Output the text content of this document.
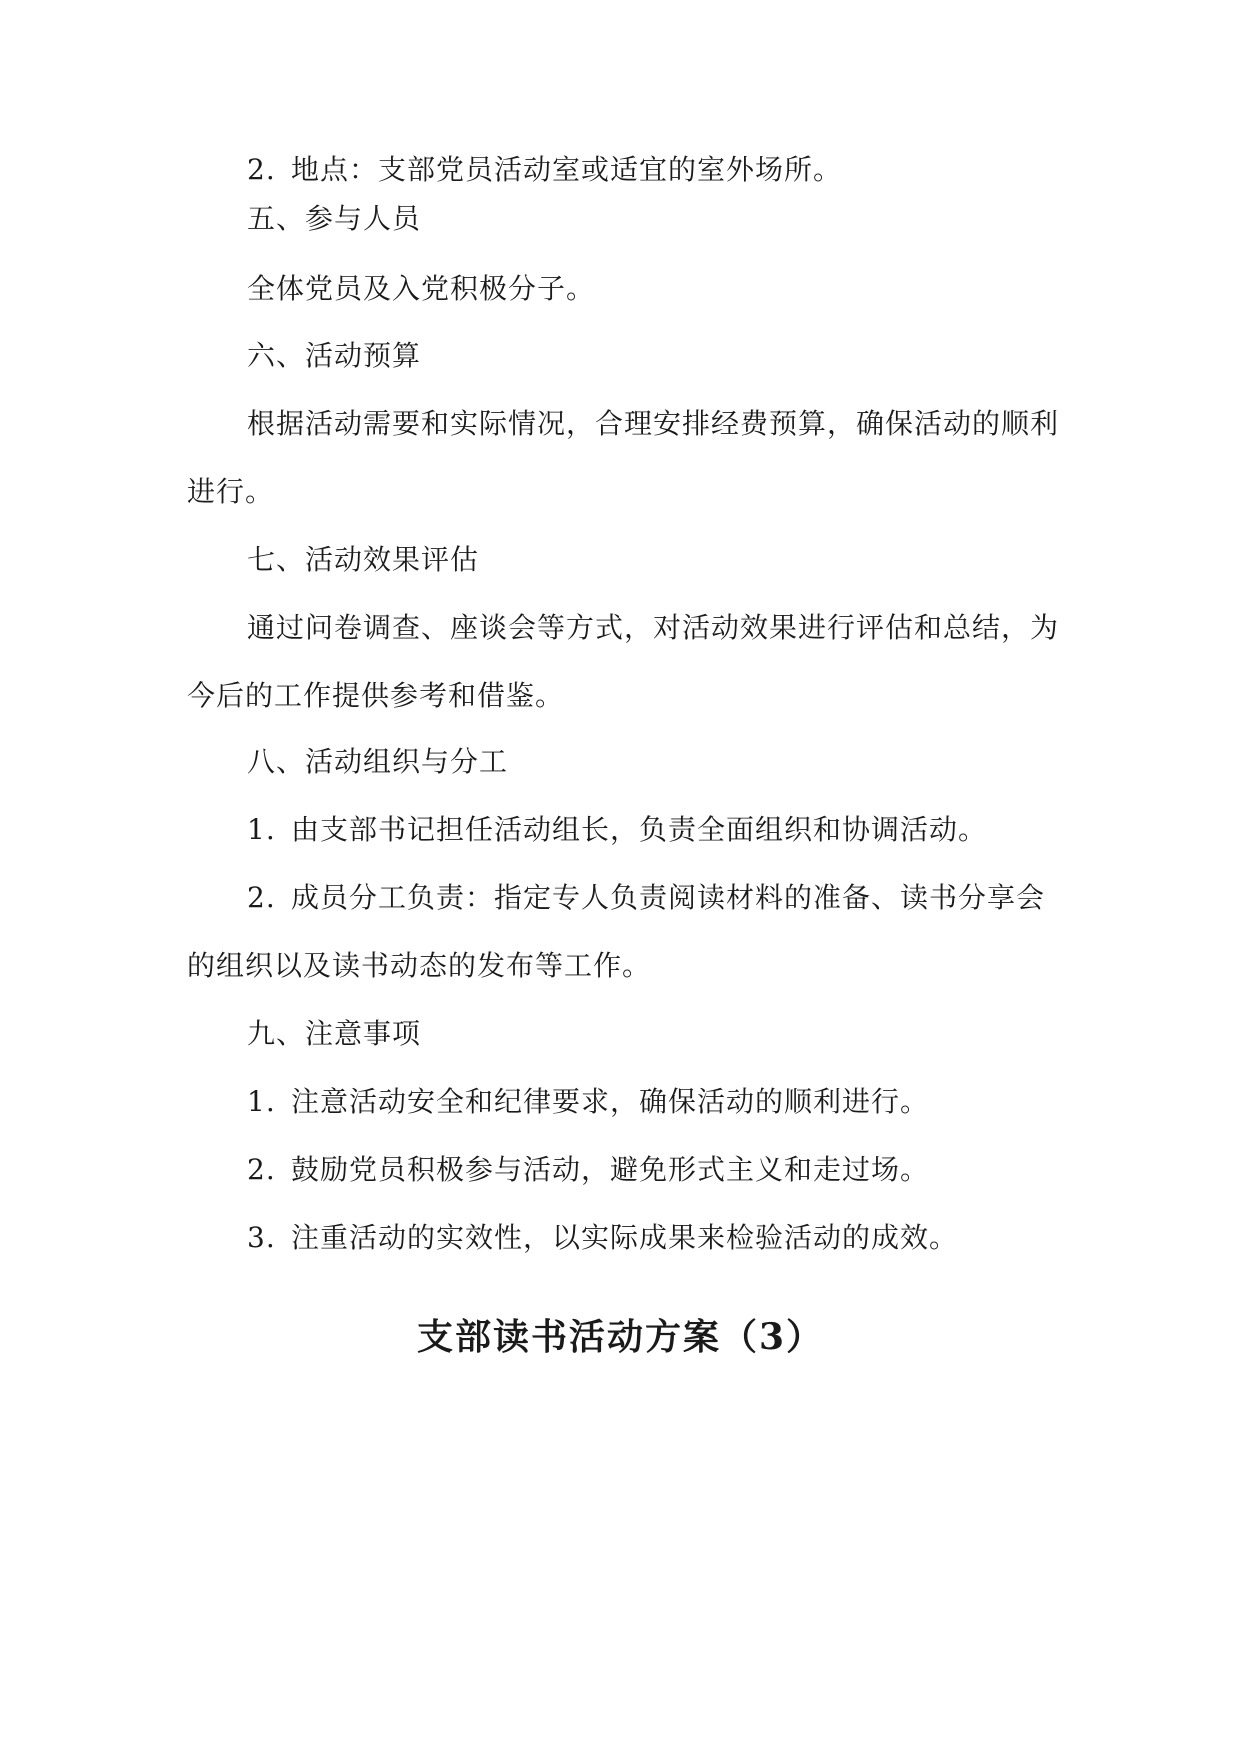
2. 地点：支部党员活动室或适宜的室外场所。
五、参与人员
全体党员及入党积极分子。
六、活动预算
根据活动需要和实际情况，合理安排经费预算，确保活动的顺利
进行。
七、活动效果评估
通过问卷调查、座谈会等方式，对活动效果进行评估和总结，为
今后的工作提供参考和借鉴。
八、活动组织与分工
1. 由支部书记担任活动组长，负责全面组织和协调活动。
2. 成员分工负责：指定专人负责阅读材料的准备、读书分享会
的组织以及读书动态的发布等工作。
九、注意事项
1. 注意活动安全和纪律要求，确保活动的顺利进行。
2. 鼓励党员积极参与活动，避免形式主义和走过场。
3. 注重活动的实效性，以实际成果来检验活动的成效。
支部读书活动方案（3）
